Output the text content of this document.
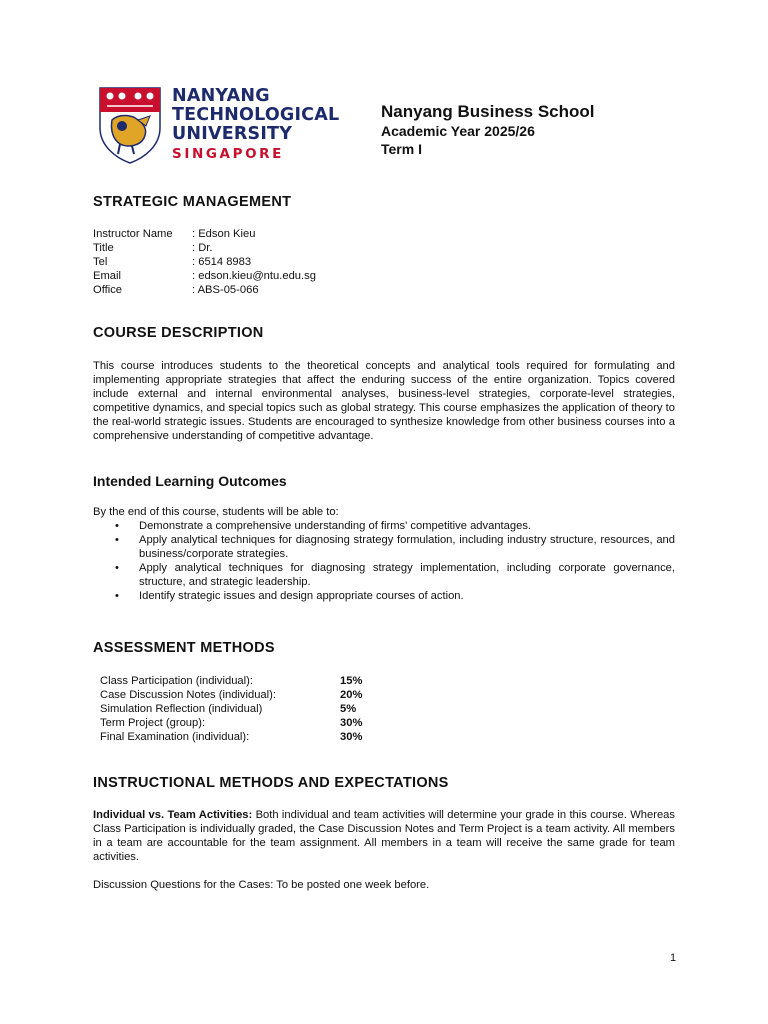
NANYANG
TECHNOLOGICAL
UNIVERSITY
SINGAPORE
Nanyang Business School
Academic Year 2025/26
Term I
STRATEGIC MANAGEMENT
Instructor Name	: Edson Kieu
Title	: Dr.
Tel	: 6514 8983
Email	: edson.kieu@ntu.edu.sg
Office	: ABS-05-066
COURSE DESCRIPTION
This course introduces students to the theoretical concepts and analytical tools required for formulating and implementing appropriate strategies that affect the enduring success of the entire organization. Topics covered include external and internal environmental analyses, business-level strategies, corporate-level strategies, competitive dynamics, and special topics such as global strategy. This course emphasizes the application of theory to the real-world strategic issues. Students are encouraged to synthesize knowledge from other business courses into a comprehensive understanding of competitive advantage.
Intended Learning Outcomes
By the end of this course, students will be able to:
•	Demonstrate a comprehensive understanding of firms' competitive advantages.
•	Apply analytical techniques for diagnosing strategy formulation, including industry structure, resources, and business/corporate strategies.
•	Apply analytical techniques for diagnosing strategy implementation, including corporate governance, structure, and strategic leadership.
•	Identify strategic issues and design appropriate courses of action.
ASSESSMENT METHODS
Class Participation (individual):	15%
Case Discussion Notes (individual):	20%
Simulation Reflection (individual)	5%
Term Project (group):	30%
Final Examination (individual):	30%
INSTRUCTIONAL METHODS AND EXPECTATIONS
Individual vs. Team Activities: Both individual and team activities will determine your grade in this course. Whereas Class Participation is individually graded, the Case Discussion Notes and Term Project is a team activity. All members in a team are accountable for the team assignment. All members in a team will receive the same grade for team activities.
Discussion Questions for the Cases: To be posted one week before.
1
